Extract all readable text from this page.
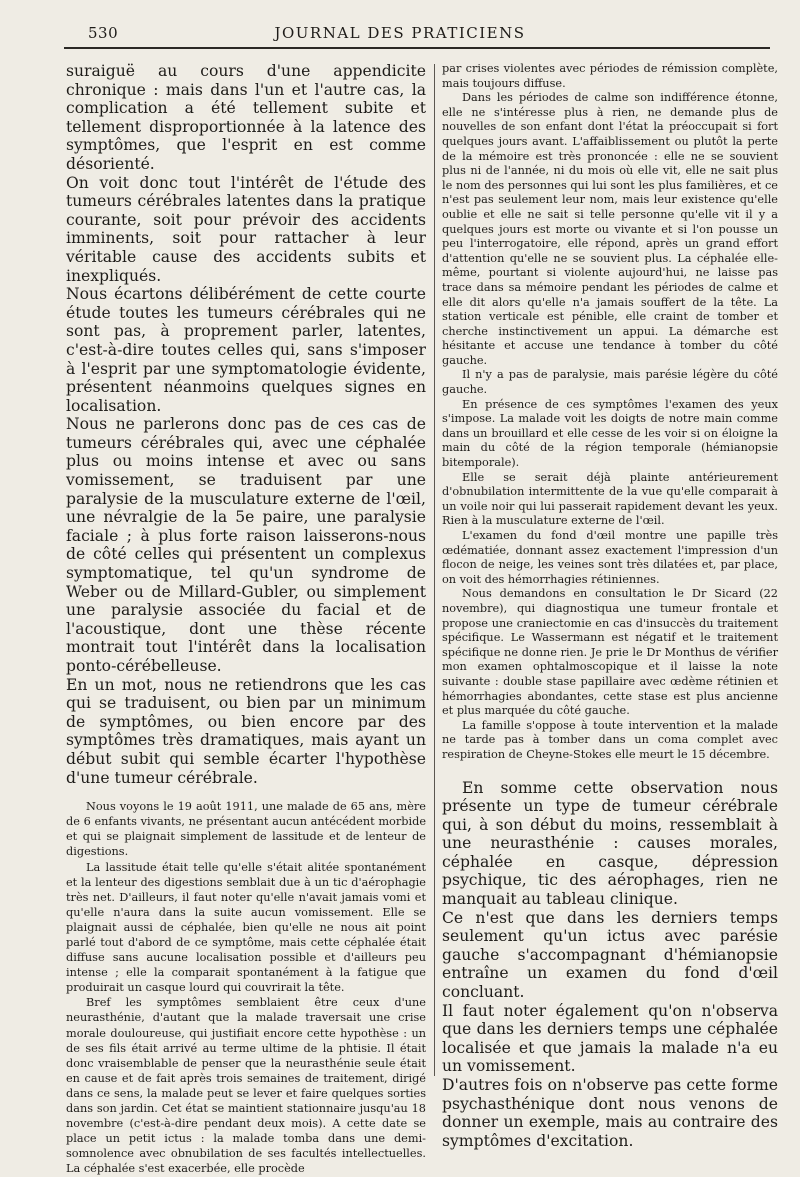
530	JOURNAL DES PRATICIENS

suraiguë au cours d'une appendicite chronique : mais dans l'un et l'autre cas, la complication a été tellement subite et tellement disproportionnée à la latence des symptômes, que l'esprit en est comme désorienté.

On voit donc tout l'intérêt de l'étude des tumeurs cérébrales latentes dans la pratique courante, soit pour prévoir des accidents imminents, soit pour rattacher à leur véritable cause des accidents subits et inexpliqués.

Nous écartons délibérément de cette courte étude toutes les tumeurs cérébrales qui ne sont pas, à proprement parler, latentes, c'est-à-dire toutes celles qui, sans s'imposer à l'esprit par une symptomatologie évidente, présentent néanmoins quelques signes en localisation.

Nous ne parlerons donc pas de ces cas de tumeurs cérébrales qui, avec une céphalée plus ou moins intense et avec ou sans vomissement, se traduisent par une paralysie de la musculature externe de l'œil, une névralgie de la 5e paire, une paralysie faciale ; à plus forte raison laisserons-nous de côté celles qui présentent un complexus symptomatique, tel qu'un syndrome de Weber ou de Millard-Gubler, ou simplement une paralysie associée du facial et de l'acoustique, dont une thèse récente montrait tout l'intérêt dans la localisation ponto-cérébelleuse.

En un mot, nous ne retiendrons que les cas qui se traduisent, ou bien par un minimum de symptômes, ou bien encore par des symptômes très dramatiques, mais ayant un début subit qui semble écarter l'hypothèse d'une tumeur cérébrale.

Nous voyons le 19 août 1911, une malade de 65 ans, mère de 6 enfants vivants, ne présentant aucun antécédent morbide et qui se plaignait simplement de lassitude et de lenteur de digestions.

La lassitude était telle qu'elle s'était alitée spontanément et la lenteur des digestions semblait due à un tic d'aérophagie très net. D'ailleurs, il faut noter qu'elle n'avait jamais vomi et qu'elle n'aura dans la suite aucun vomissement. Elle se plaignait aussi de céphalée, bien qu'elle ne nous ait point parlé tout d'abord de ce symptôme, mais cette céphalée était diffuse sans aucune localisation possible et d'ailleurs peu intense ; elle la comparait spontanément à la fatigue que produirait un casque lourd qui couvrirait la tête.

Bref les symptômes semblaient être ceux d'une neurasthénie, d'autant que la malade traversait une crise morale douloureuse, qui justifiait encore cette hypothèse : un de ses fils était arrivé au terme ultime de la phtisie. Il était donc vraisemblable de penser que la neurasthénie seule était en cause et de fait après trois semaines de traitement, dirigé dans ce sens, la malade peut se lever et faire quelques sorties dans son jardin. Cet état se maintient stationnaire jusqu'au 18 novembre (c'est-à-dire pendant deux mois). A cette date se place un petit ictus : la malade tomba dans une demi-somnolence avec obnubilation de ses facultés intellectuelles. La céphalée s'est exacerbée, elle procède

par crises violentes avec périodes de rémission complète, mais toujours diffuse.

Dans les périodes de calme son indifférence étonne, elle ne s'intéresse plus à rien, ne demande plus de nouvelles de son enfant dont l'état la préoccupait si fort quelques jours avant. L'affaiblissement ou plutôt la perte de la mémoire est très prononcée : elle ne se souvient plus ni de l'année, ni du mois où elle vit, elle ne sait plus le nom des personnes qui lui sont les plus familières, et ce n'est pas seulement leur nom, mais leur existence qu'elle oublie et elle ne sait si telle personne qu'elle vit il y a quelques jours est morte ou vivante et si l'on pousse un peu l'interrogatoire, elle répond, après un grand effort d'attention qu'elle ne se souvient plus. La céphalée elle-même, pourtant si violente aujourd'hui, ne laisse pas trace dans sa mémoire pendant les périodes de calme et elle dit alors qu'elle n'a jamais souffert de la tête. La station verticale est pénible, elle craint de tomber et cherche instinctivement un appui. La démarche est hésitante et accuse une tendance à tomber du côté gauche.

Il n'y a pas de paralysie, mais parésie légère du côté gauche.

En présence de ces symptômes l'examen des yeux s'impose. La malade voit les doigts de notre main comme dans un brouillard et elle cesse de les voir si on éloigne la main du côté de la région temporale (hémianopsie bitemporale).

Elle se serait déjà plainte antérieurement d'obnubilation intermittente de la vue qu'elle comparait à un voile noir qui lui passerait rapidement devant les yeux. Rien à la musculature externe de l'œil.

L'examen du fond d'œil montre une papille très œdématiée, donnant assez exactement l'impression d'un flocon de neige, les veines sont très dilatées et, par place, on voit des hémorrhagies rétiniennes.

Nous demandons en consultation le Dr Sicard (22 novembre), qui diagnostiqua une tumeur frontale et propose une craniectomie en cas d'insuccès du traitement spécifique. Le Wassermann est négatif et le traitement spécifique ne donne rien. Je prie le Dr Monthus de vérifier mon examen ophtalmoscopique et il laisse la note suivante : double stase papillaire avec œdème rétinien et hémorrhagies abondantes, cette stase est plus ancienne et plus marquée du côté gauche.

La famille s'oppose à toute intervention et la malade ne tarde pas à tomber dans un coma complet avec respiration de Cheyne-Stokes elle meurt le 15 décembre.

En somme cette observation nous présente un type de tumeur cérébrale qui, à son début du moins, ressemblait à une neurasthénie : causes morales, céphalée en casque, dépression psychique, tic des aérophages, rien ne manquait au tableau clinique.

Ce n'est que dans les derniers temps seulement qu'un ictus avec parésie gauche s'accompagnant d'hémianopsie entraîne un examen du fond d'œil concluant.

Il faut noter également qu'on n'observa que dans les derniers temps une céphalée localisée et que jamais la malade n'a eu un vomissement.

D'autres fois on n'observe pas cette forme psychasthénique dont nous venons de donner un exemple, mais au contraire des symptômes d'excitation.
